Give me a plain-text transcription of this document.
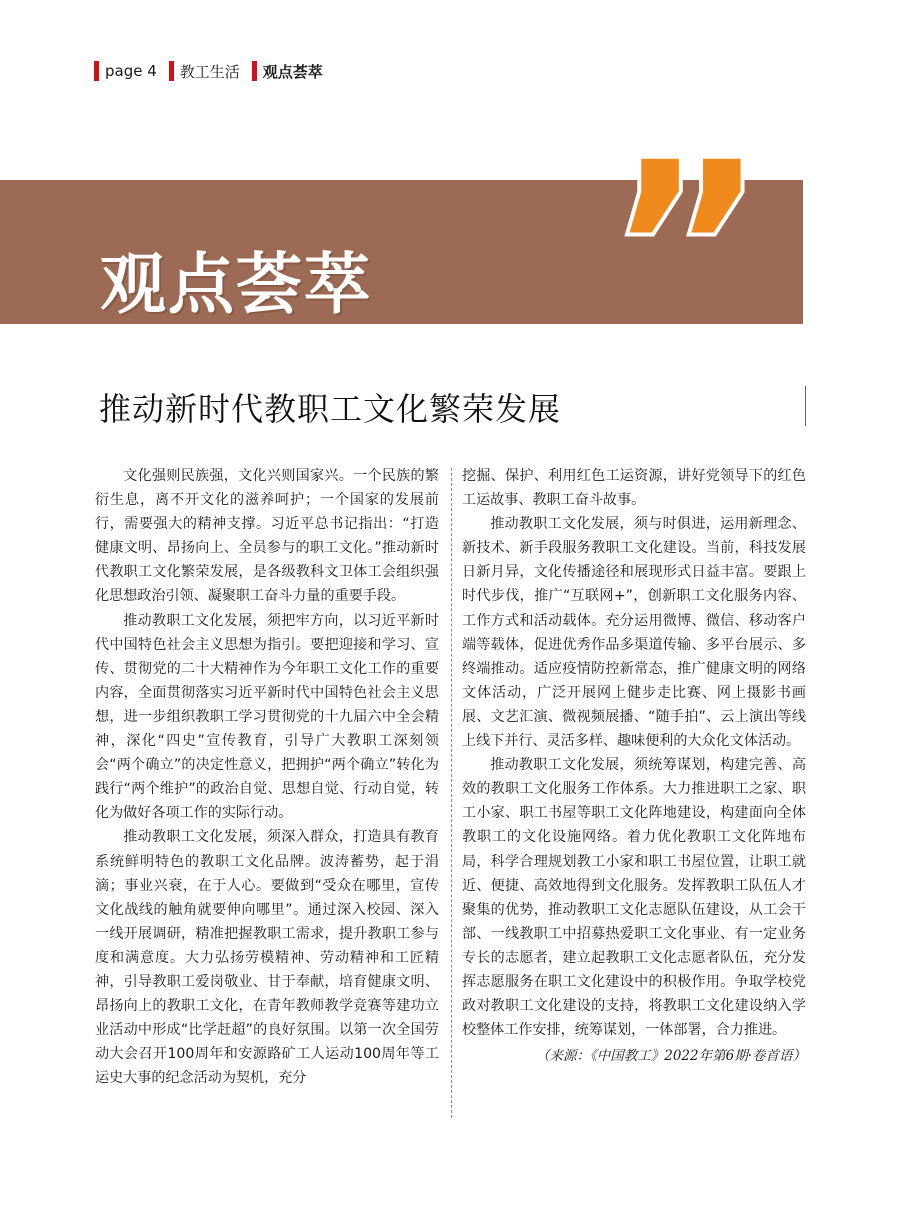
page 4 教工生活 观点荟萃
观点荟萃 ”
推动新时代教职工文化繁荣发展

文化强则民族强，文化兴则国家兴。一个民族的繁衍生息，离不开文化的滋养呵护；一个国家的发展前行，需要强大的精神支撑。习近平总书记指出：“打造健康文明、昂扬向上、全员参与的职工文化。”推动新时代教职工文化繁荣发展，是各级教科文卫体工会组织强化思想政治引领、凝聚职工奋斗力量的重要手段。

推动教职工文化发展，须把牢方向，以习近平新时代中国特色社会主义思想为指引。要把迎接和学习、宣传、贯彻党的二十大精神作为今年职工文化工作的重要内容，全面贯彻落实习近平新时代中国特色社会主义思想，进一步组织教职工学习贯彻党的十九届六中全会精神，深化“四史”宣传教育，引导广大教职工深刻领会“两个确立”的决定性意义，把拥护“两个确立”转化为践行“两个维护”的政治自觉、思想自觉、行动自觉，转化为做好各项工作的实际行动。

推动教职工文化发展，须深入群众，打造具有教育系统鲜明特色的教职工文化品牌。波涛蓄势，起于涓滴；事业兴衰，在于人心。要做到“受众在哪里，宣传文化战线的触角就要伸向哪里”。通过深入校园、深入一线开展调研，精准把握教职工需求，提升教职工参与度和满意度。大力弘扬劳模精神、劳动精神和工匠精神，引导教职工爱岗敬业、甘于奉献，培育健康文明、昂扬向上的教职工文化，在青年教师教学竞赛等建功立业活动中形成“比学赶超”的良好氛围。以第一次全国劳动大会召开100周年和安源路矿工人运动100周年等工运史大事的纪念活动为契机，充分

挖掘、保护、利用红色工运资源，讲好党领导下的红色工运故事、教职工奋斗故事。

推动教职工文化发展，须与时俱进，运用新理念、新技术、新手段服务教职工文化建设。当前，科技发展日新月异，文化传播途径和展现形式日益丰富。要跟上时代步伐，推广“互联网+”，创新职工文化服务内容、工作方式和活动载体。充分运用微博、微信、移动客户端等载体，促进优秀作品多渠道传输、多平台展示、多终端推动。适应疫情防控新常态，推广健康文明的网络文体活动，广泛开展网上健步走比赛、网上摄影书画展、文艺汇演、微视频展播、“随手拍”、云上演出等线上线下并行、灵活多样、趣味便利的大众化文体活动。

推动教职工文化发展，须统筹谋划，构建完善、高效的教职工文化服务工作体系。大力推进职工之家、职工小家、职工书屋等职工文化阵地建设，构建面向全体教职工的文化设施网络。着力优化教职工文化阵地布局，科学合理规划教工小家和职工书屋位置，让职工就近、便捷、高效地得到文化服务。发挥教职工队伍人才聚集的优势，推动教职工文化志愿队伍建设，从工会干部、一线教职工中招募热爱职工文化事业、有一定业务专长的志愿者，建立起教职工文化志愿者队伍，充分发挥志愿服务在职工文化建设中的积极作用。争取学校党政对教职工文化建设的支持，将教职工文化建设纳入学校整体工作安排，统筹谋划，一体部署，合力推进。

（来源：《中国教工》2022年第6期·卷首语）
